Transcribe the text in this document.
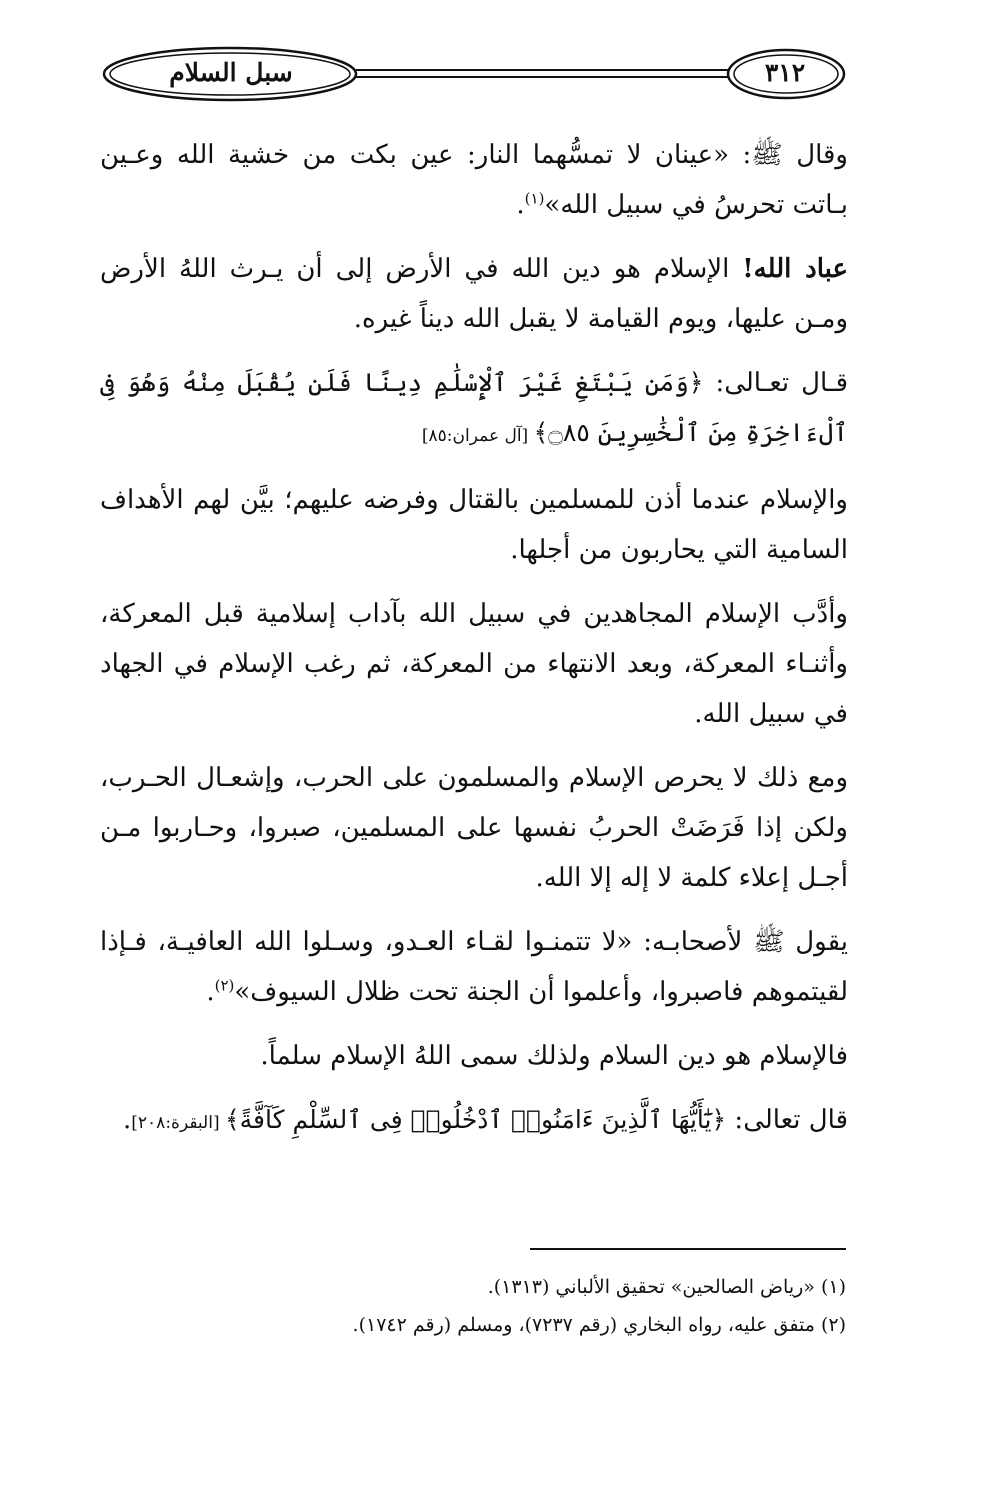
سبل السلام	٣١٢

وقال ﷺ: «عينان لا تمسُّهما النار: عين بكت من خشية الله وعـين بـاتت تحرسُ في سبيل الله»$^{(١)}$.

عباد الله! الإسلام هو دين الله في الأرض إلى أن يـرث اللهُ الأرض ومـن عليها، ويوم القيامة لا يقبل الله ديناً غيره.

قـال تعـالى: ﴿وَمَن يَبْتَغِ غَيْرَ ٱلْإِسْلَٰمِ دِينًا فَلَن يُقْبَلَ مِنْهُ وَهُوَ فِى ٱلْءَاخِرَةِ مِنَ ٱلْخَٰسِرِينَ ۝٨٥﴾ [آل عمران:٨٥]

والإسلام عندما أذن للمسلمين بالقتال وفرضه عليهم؛ بيَّن لهم الأهداف السامية التي يحاربون من أجلها.

وأدَّب الإسلام المجاهدين في سبيل الله بآداب إسلامية قبل المعركة، وأثنـاء المعركة، وبعد الانتهاء من المعركة، ثم رغب الإسلام في الجهاد في سبيل الله.

ومع ذلك لا يحرص الإسلام والمسلمون على الحرب، وإشعـال الحـرب، ولكن إذا فَرَضَتْ الحربُ نفسها على المسلمين، صبروا، وحـاربوا مـن أجـل إعلاء كلمة لا إله إلا الله.

يقول ﷺ لأصحابـه: «لا تتمنـوا لقـاء العـدو، وسـلوا الله العافيـة، فـإذا لقيتموهم فاصبروا، وأعلموا أن الجنة تحت ظلال السيوف»$^{(٢)}$.

فالإسلام هو دين السلام ولذلك سمى اللهُ الإسلام سلماً.

قال تعالى: ﴿يَٰٓأَيُّهَا ٱلَّذِينَ ءَامَنُوا۟ ٱدْخُلُوا۟ فِى ٱلسِّلْمِ كَآفَّةً﴾ [البقرة:٢٠٨].

(١) «رياض الصالحين» تحقيق الألباني (١٣١٣).
(٢) متفق عليه، رواه البخاري (رقم ٧٢٣٧)، ومسلم (رقم ١٧٤٢).
